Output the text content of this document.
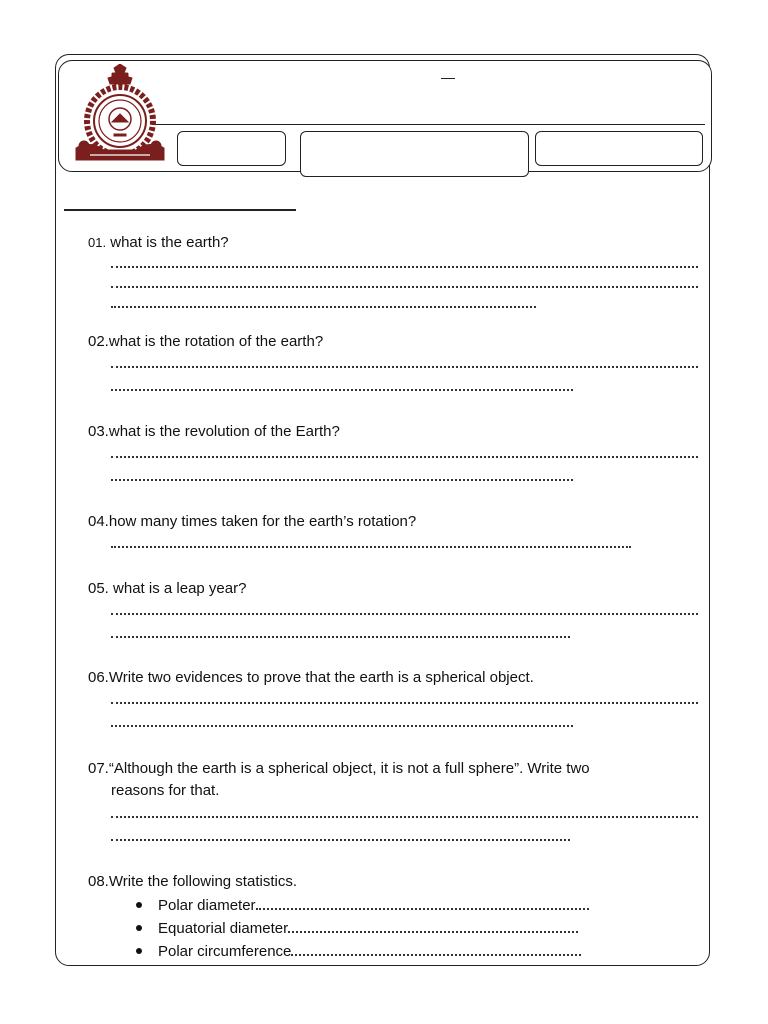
01. what is the earth?
02.what is the rotation of the earth?
03.what is the revolution of the Earth?
04.how many times taken for the earth’s rotation?
05. what is a leap year?
06.Write two evidences to prove that the earth is a spherical object.
07.“Although the earth is a spherical object, it is not a full sphere”. Write two
reasons for that.
08.Write the following statistics.
Polar diameter
Equatorial diameter
Polar circumference
